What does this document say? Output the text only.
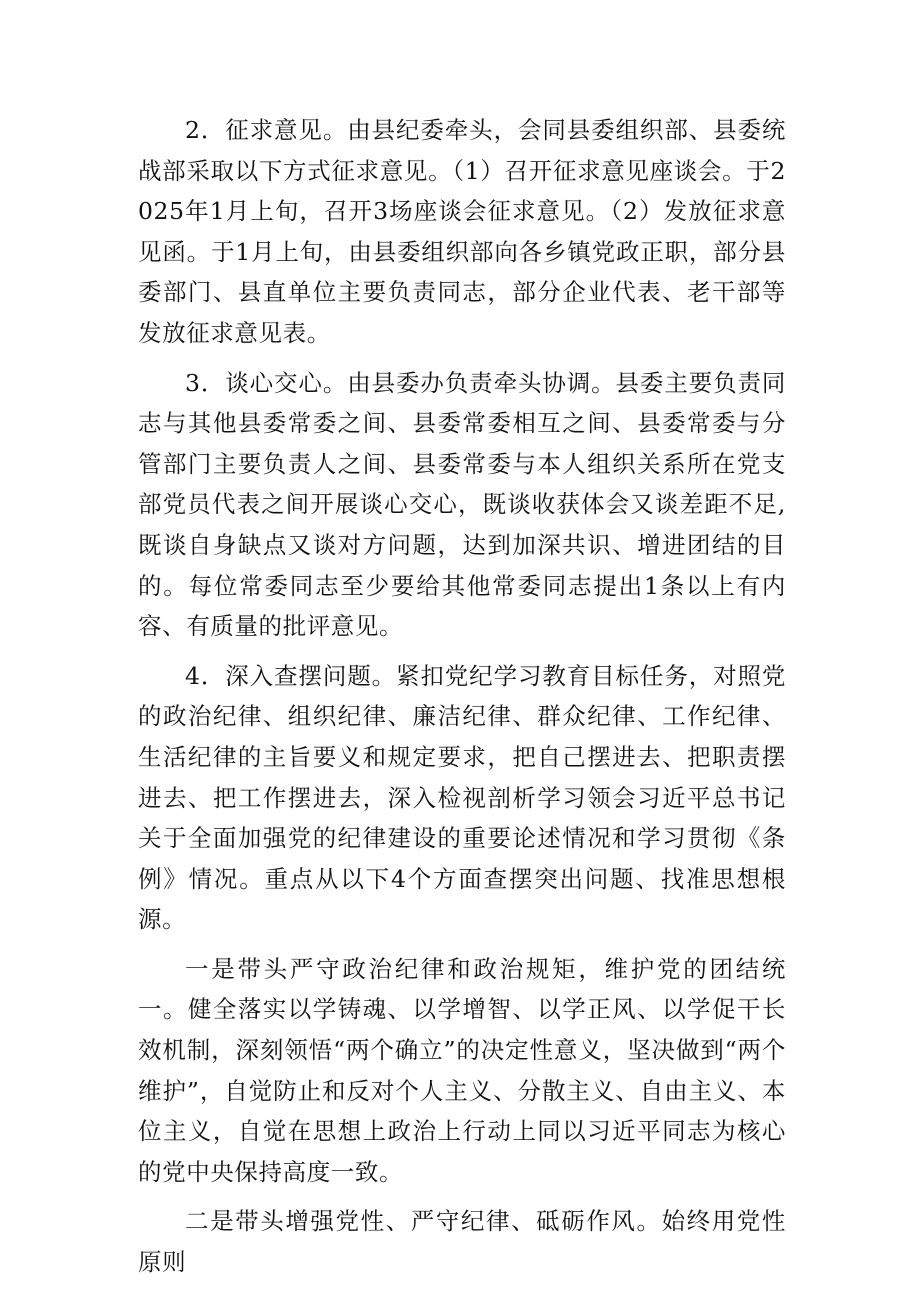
2．征求意见。由县纪委牵头，会同县委组织部、县委统战部采取以下方式征求意见。（1）召开征求意见座谈会。于2025年1月上旬，召开3场座谈会征求意见。（2）发放征求意见函。于1月上旬，由县委组织部向各乡镇党政正职，部分县委部门、县直单位主要负责同志，部分企业代表、老干部等发放征求意见表。

3．谈心交心。由县委办负责牵头协调。县委主要负责同志与其他县委常委之间、县委常委相互之间、县委常委与分管部门主要负责人之间、县委常委与本人组织关系所在党支部党员代表之间开展谈心交心，既谈收获体会又谈差距不足,既谈自身缺点又谈对方问题，达到加深共识、增进团结的目的。每位常委同志至少要给其他常委同志提出1条以上有内容、有质量的批评意见。

4．深入查摆问题。紧扣党纪学习教育目标任务，对照党的政治纪律、组织纪律、廉洁纪律、群众纪律、工作纪律、生活纪律的主旨要义和规定要求，把自己摆进去、把职责摆进去、把工作摆进去，深入检视剖析学习领会习近平总书记关于全面加强党的纪律建设的重要论述情况和学习贯彻《条例》情况。重点从以下4个方面查摆突出问题、找准思想根源。

一是带头严守政治纪律和政治规矩，维护党的团结统一。健全落实以学铸魂、以学增智、以学正风、以学促干长效机制，深刻领悟“两个确立”的决定性意义，坚决做到“两个维护”，自觉防止和反对个人主义、分散主义、自由主义、本位主义，自觉在思想上政治上行动上同以习近平同志为核心的党中央保持高度一致。

二是带头增强党性、严守纪律、砥砺作风。始终用党性原则
